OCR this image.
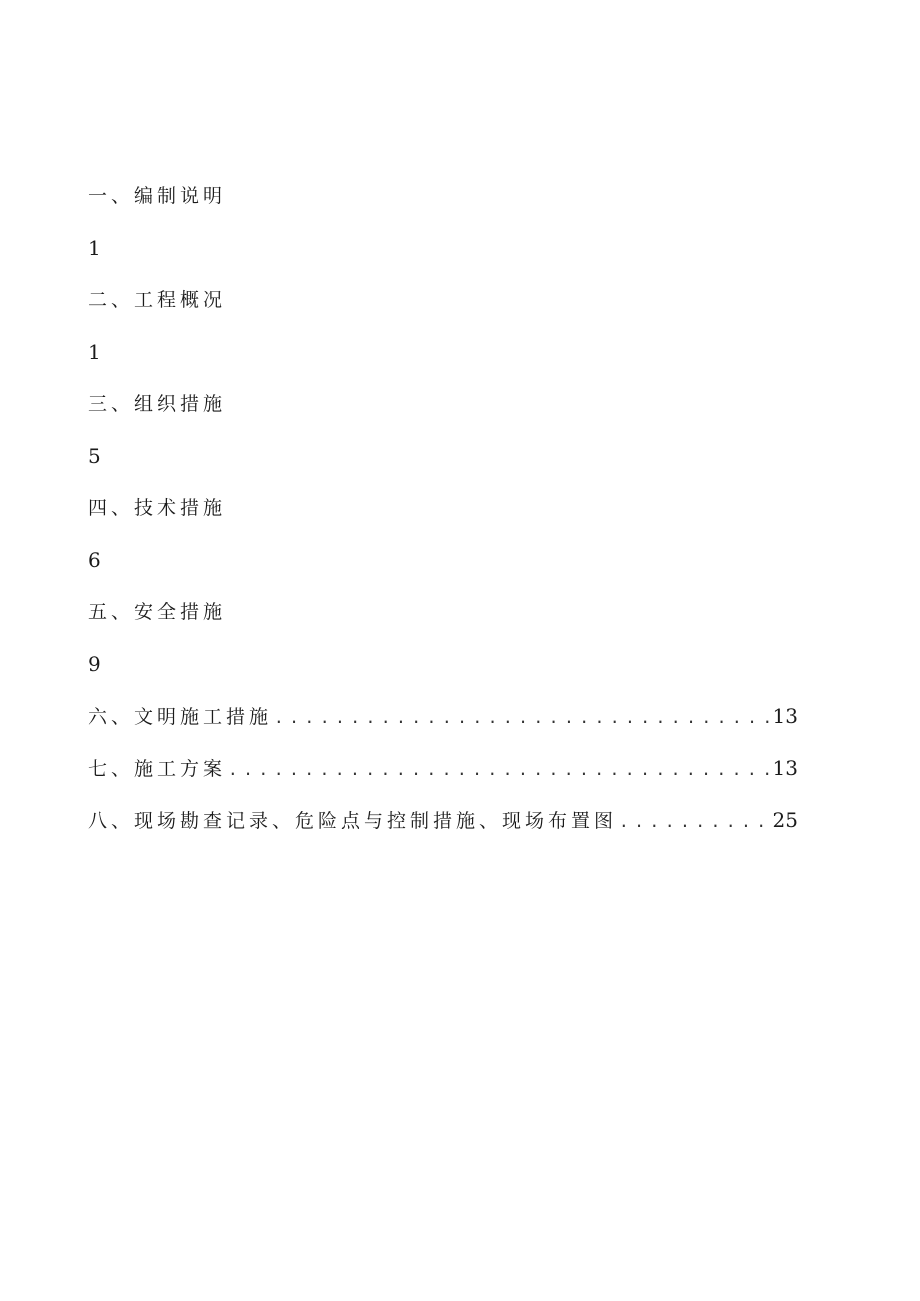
一、编制说明
1
二、工程概况
1
三、组织措施
5
四、技术措施
6
五、安全措施
9
六、文明施工措施 . . .	13
七、施工方案 . . .	13
八、现场勘查记录、危险点与控制措施、现场布置图 . . .	25
